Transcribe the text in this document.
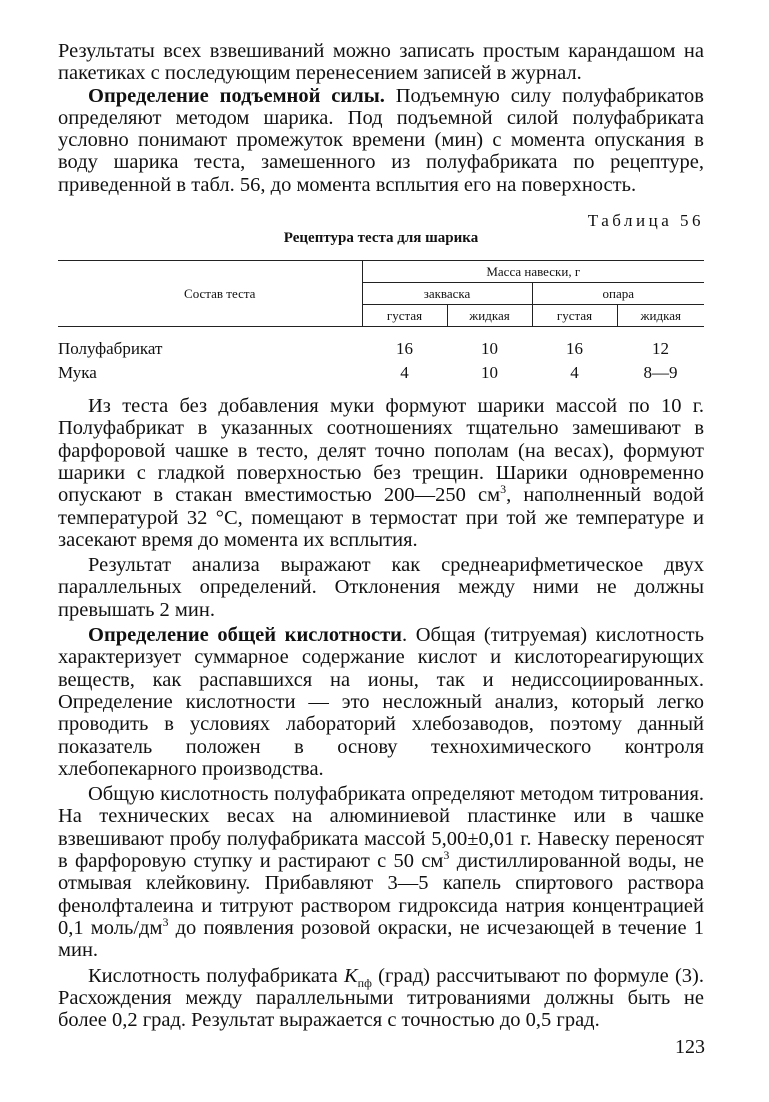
Результаты всех взвешиваний можно записать простым карандашом на пакетиках с последующим перенесением записей в журнал.

Определение подъемной силы. Подъемную силу полуфабрикатов определяют методом шарика. Под подъемной силой полуфабриката условно понимают промежуток времени (мин) с момента опускания в воду шарика теста, замешенного из полуфабриката по рецептуре, приведенной в табл. 56, до момента всплытия его на поверхность.

Таблица 56
Рецептура теста для шарика
Состав теста	Масса навески, г			
	закваска		опара	
	густая	жидкая	густая	жидкая
Полуфабрикат	16	10	16	12
Мука	4	10	4	8—9

Из теста без добавления муки формуют шарики массой по 10 г. Полуфабрикат в указанных соотношениях тщательно замешивают в фарфоровой чашке в тесто, делят точно пополам (на весах), формуют шарики с гладкой поверхностью без трещин. Шарики одновременно опускают в стакан вместимостью 200—250 $см^3$, наполненный водой температурой 32 °С, помещают в термостат при той же температуре и засекают время до момента их всплытия.

Результат анализа выражают как среднеарифметическое двух параллельных определений. Отклонения между ними не должны превышать 2 мин.

Определение общей кислотности. Общая (титруемая) кислотность характеризует суммарное содержание кислот и кислотореагирующих веществ, как распавшихся на ионы, так и недиссоциированных. Определение кислотности — это несложный анализ, который легко проводить в условиях лабораторий хлебозаводов, поэтому данный показатель положен в основу технохимического контроля хлебопекарного производства.

Общую кислотность полуфабриката определяют методом титрования. На технических весах на алюминиевой пластинке или в чашке взвешивают пробу полуфабриката массой 5,00±0,01 г. Навеску переносят в фарфоровую ступку и растирают с 50 $см^3$ дистиллированной воды, не отмывая клейковину. Прибавляют 3—5 капель спиртового раствора фенолфталеина и титруют раствором гидроксида натрия концентрацией 0,1 моль/$дм^3$ до появления розовой окраски, не исчезающей в течение 1 мин.

Кислотность полуфабриката $К_{пф}$ (град) рассчитывают по формуле (3). Расхождения между параллельными титрованиями должны быть не более 0,2 град. Результат выражается с точностью до 0,5 град.

123
